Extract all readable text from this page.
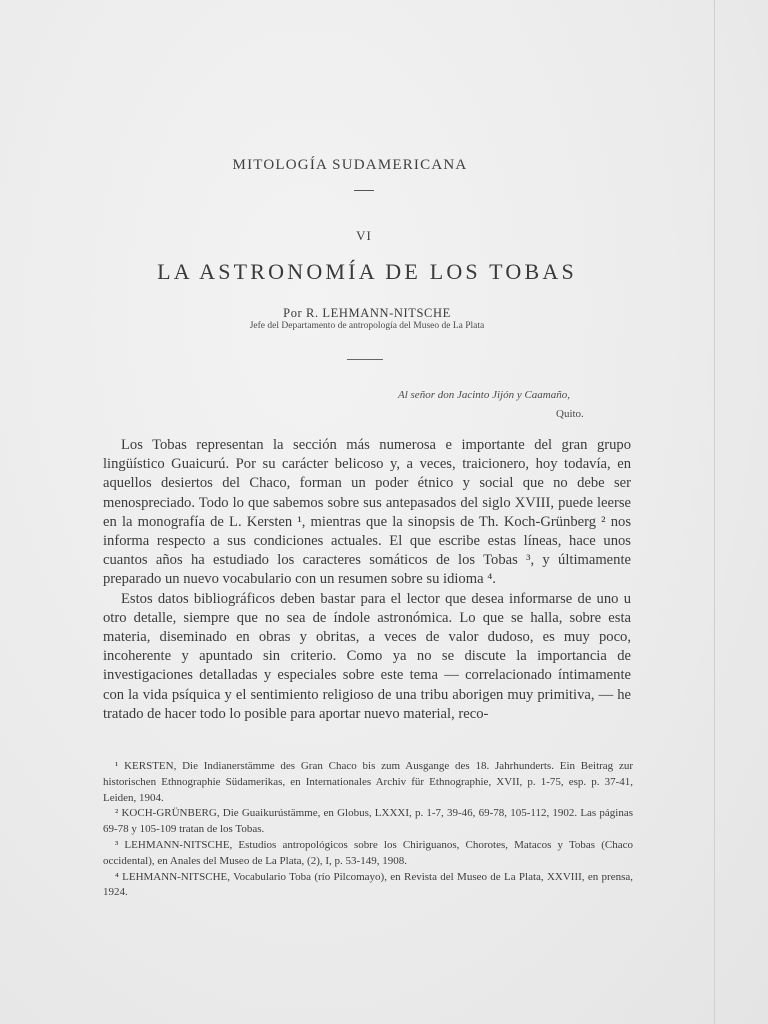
MITOLOGÍA SUDAMERICANA
VI
LA ASTRONOMÍA DE LOS TOBAS
Por R. LEHMANN-NITSCHE
Jefe del Departamento de antropología del Museo de La Plata
Al señor don Jacinto Jijón y Caamaño,
Quito.

Los Tobas representan la sección más numerosa e importante del gran grupo lingüístico Guaicurú. Por su carácter belicoso y, a veces, traicionero, hoy todavía, en aquellos desiertos del Chaco, forman un poder étnico y social que no debe ser menospreciado. Todo lo que sabemos sobre sus antepasados del siglo XVIII, puede leerse en la monografía de L. Kersten ¹, mientras que la sinopsis de Th. Koch-Grünberg ² nos informa respecto a sus condiciones actuales. El que escribe estas líneas, hace unos cuantos años ha estudiado los caracteres somáticos de los Tobas ³, y últimamente preparado un nuevo vocabulario con un resumen sobre su idioma ⁴.

Estos datos bibliográficos deben bastar para el lector que desea informarse de uno u otro detalle, siempre que no sea de índole astronómica. Lo que se halla, sobre esta materia, diseminado en obras y obritas, a veces de valor dudoso, es muy poco, incoherente y apuntado sin criterio. Como ya no se discute la importancia de investigaciones detalladas y especiales sobre este tema — correlacionado íntimamente con la vida psíquica y el sentimiento religioso de una tribu aborigen muy primitiva, — he tratado de hacer todo lo posible para aportar nuevo material, reco-

¹ KERSTEN, Die Indianerstämme des Gran Chaco bis zum Ausgange des 18. Jahrhunderts. Ein Beitrag zur historischen Ethnographie Südamerikas, en Internationales Archiv für Ethnographie, XVII, p. 1-75, esp. p. 37-41, Leiden, 1904.

² KOCH-GRÜNBERG, Die Guaikurústämme, en Globus, LXXXI, p. 1-7, 39-46, 69-78, 105-112, 1902. Las páginas 69-78 y 105-109 tratan de los Tobas.

³ LEHMANN-NITSCHE, Estudios antropológicos sobre los Chiriguanos, Chorotes, Matacos y Tobas (Chaco occidental), en Anales del Museo de La Plata, (2), I, p. 53-149, 1908.

⁴ LEHMANN-NITSCHE, Vocabulario Toba (río Pilcomayo), en Revista del Museo de La Plata, XXVIII, en prensa, 1924.
